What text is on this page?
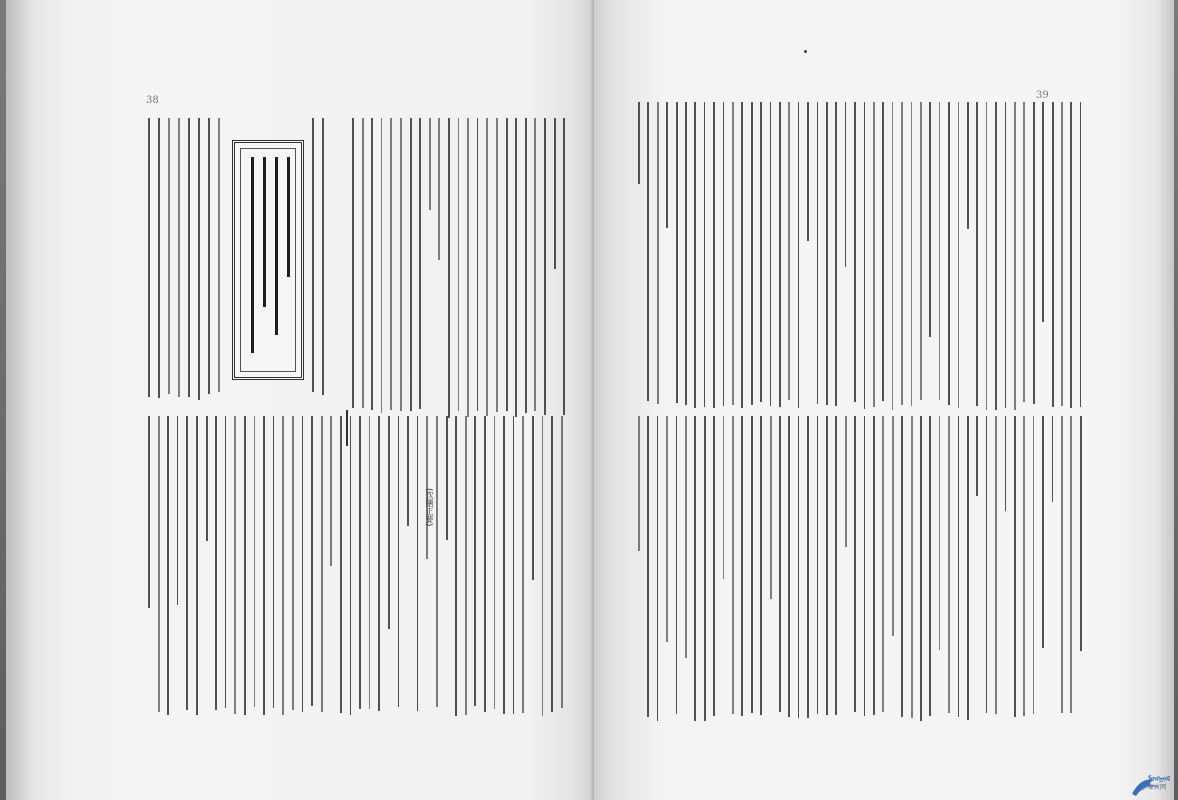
38
(饮膳正要)
39
ᠮᠣᠩᠭᠣᠯ
蒙古网
